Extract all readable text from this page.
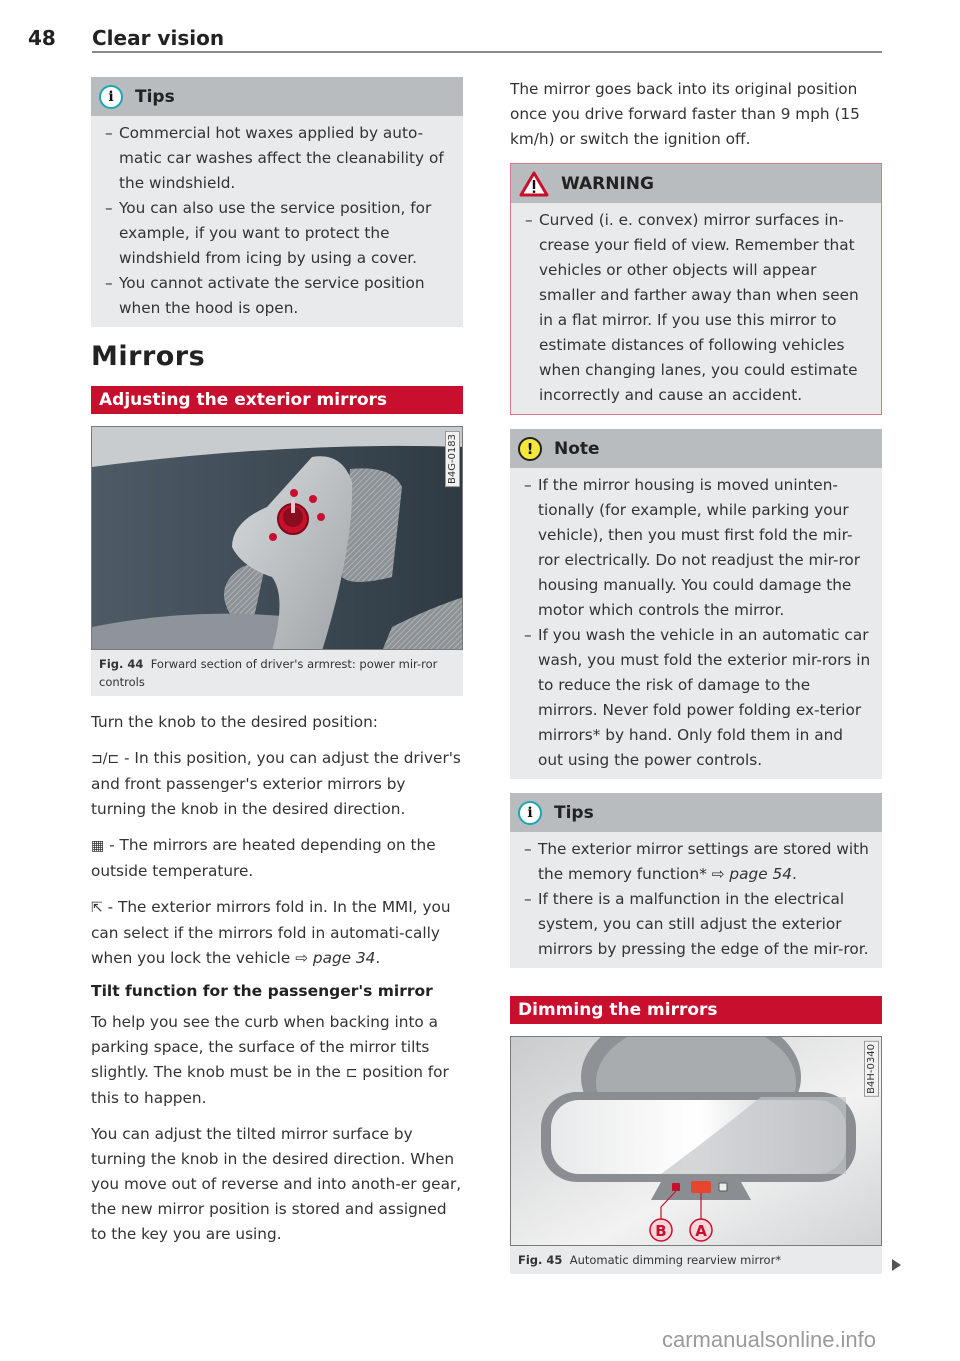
48 Clear vision
i	Tips
– Commercial hot waxes applied by auto-matic car washes affect the cleanability of the windshield.
– You can also use the service position, for example, if you want to protect the windshield from icing by using a cover.
– You cannot activate the service position when the hood is open.
Mirrors
Adjusting the exterior mirrors
B4G-0183
Fig. 44 Forward section of driver's armrest: power mir-ror controls

Turn the knob to the desired position:

⊐/⊏ - In this position, you can adjust the driver's and front passenger's exterior mirrors by turning the knob in the desired direction.

▦ - The mirrors are heated depending on the outside temperature.

⇱ - The exterior mirrors fold in. In the MMI, you can select if the mirrors fold in automati-cally when you lock the vehicle ⇨ page 34.

Tilt function for the passenger's mirror

To help you see the curb when backing into a parking space, the surface of the mirror tilts slightly. The knob must be in the ⊏ position for this to happen.

You can adjust the tilted mirror surface by turning the knob in the desired direction. When you move out of reverse and into anoth-er gear, the new mirror position is stored and assigned to the key you are using.

The mirror goes back into its original position once you drive forward faster than 9 mph (15 km/h) or switch the ignition off.

WARNING
– Curved (i. e. convex) mirror surfaces in-crease your field of view. Remember that vehicles or other objects will appear smaller and farther away than when seen in a flat mirror. If you use this mirror to estimate distances of following vehicles when changing lanes, you could estimate incorrectly and cause an accident.
!	Note
– If the mirror housing is moved uninten-tionally (for example, while parking your vehicle), then you must first fold the mir-ror electrically. Do not readjust the mir-ror housing manually. You could damage the motor which controls the mirror.
– If you wash the vehicle in an automatic car wash, you must fold the exterior mir-rors in to reduce the risk of damage to the mirrors. Never fold power folding ex-terior mirrors* by hand. Only fold them in and out using the power controls.
i	Tips
– The exterior mirror settings are stored with the memory function* ⇨ page 54.
– If there is a malfunction in the electrical system, you can still adjust the exterior mirrors by pressing the edge of the mir-ror.
Dimming the mirrors
B A
B4H-0340
Fig. 45 Automatic dimming rearview mirror*
carmanualsonline.info
